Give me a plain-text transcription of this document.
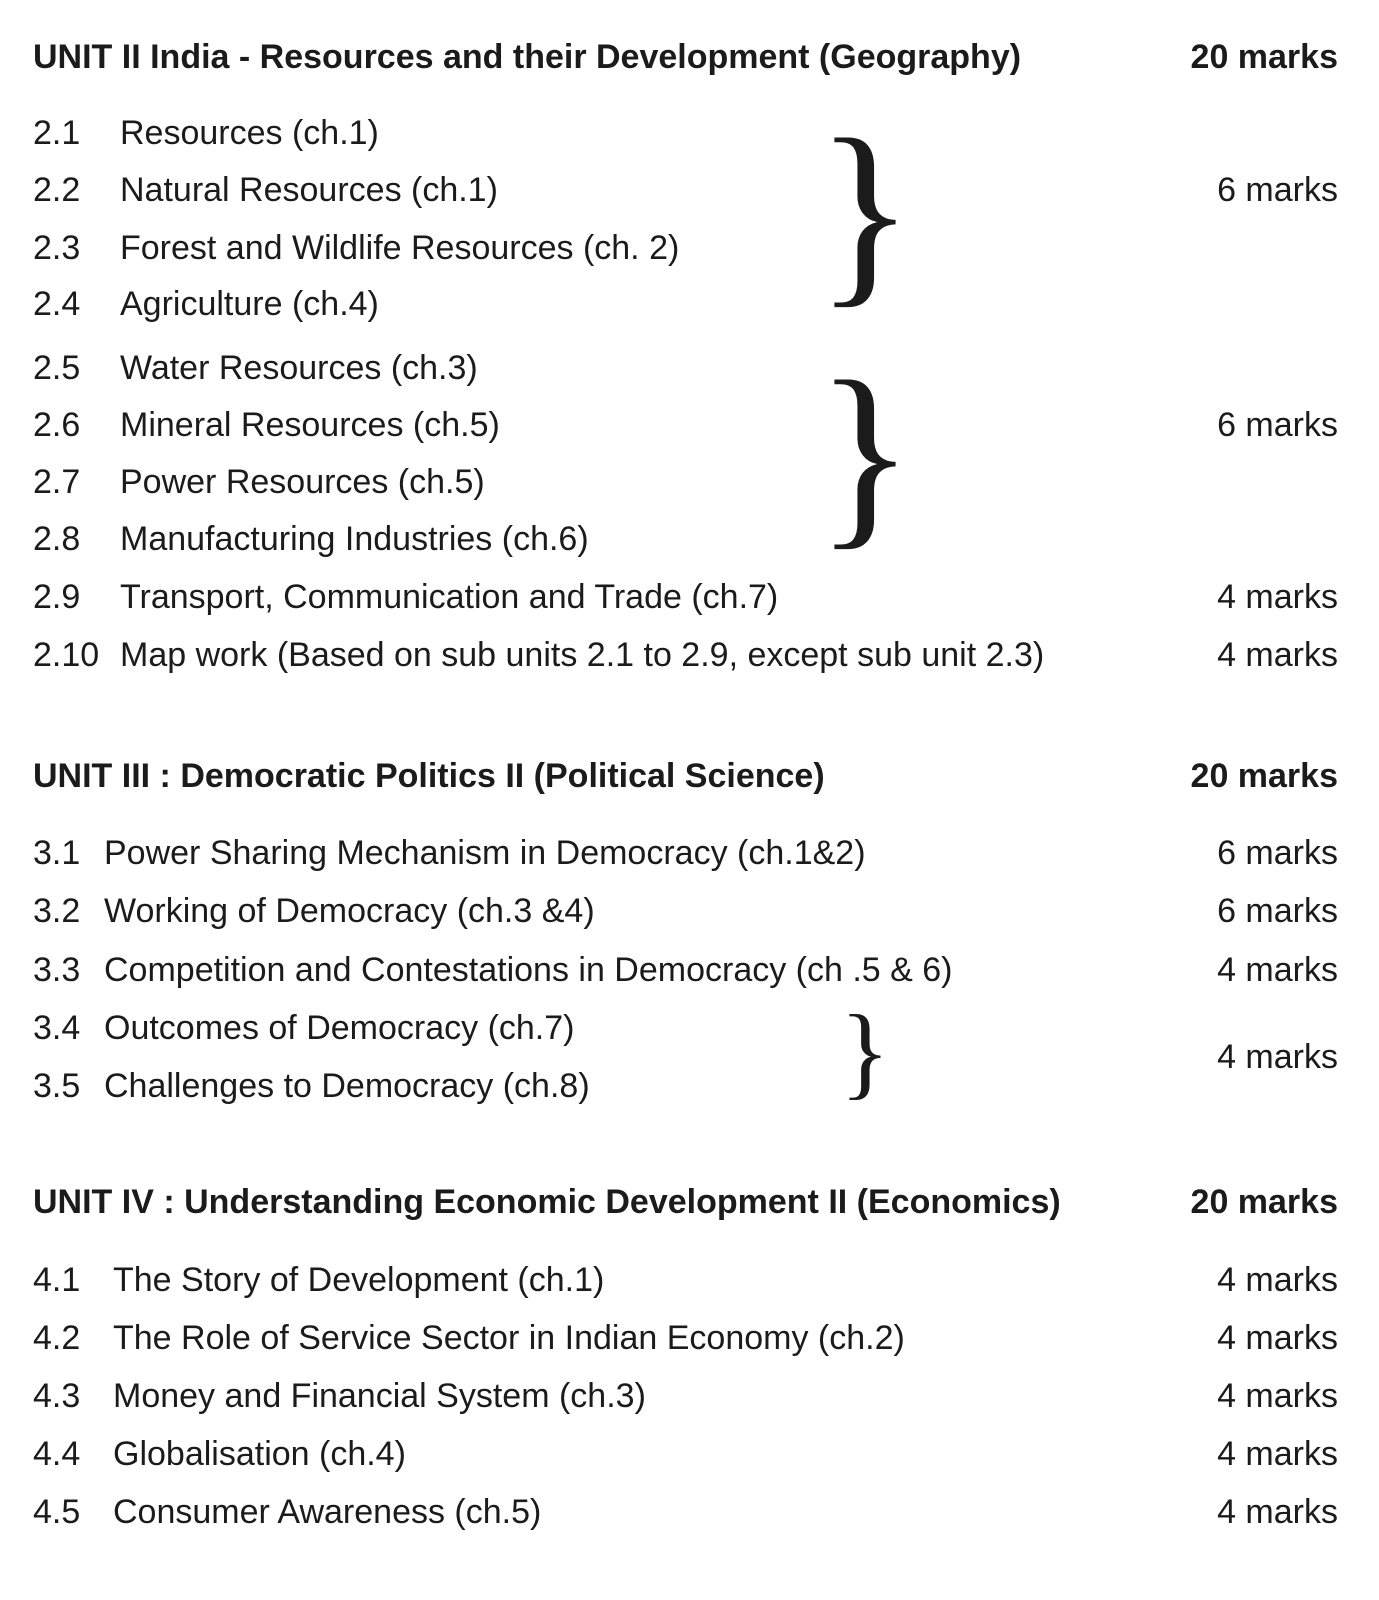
UNIT II India - Resources and their Development (Geography)	20 marks
2.1	Resources (ch.1)
2.2	Natural Resources (ch.1)	6 marks
2.3	Forest and Wildlife Resources (ch. 2)
2.4	Agriculture (ch.4)
2.5	Water Resources (ch.3)
2.6	Mineral Resources (ch.5)	6 marks
2.7	Power Resources (ch.5)
2.8	Manufacturing Industries (ch.6)
2.9	Transport, Communication and Trade (ch.7)	4 marks
2.10 Map work (Based on sub units 2.1 to 2.9, except sub unit 2.3)	4 marks
}
}
UNIT III : Democratic Politics II (Political Science)	20 marks
3.1 Power Sharing Mechanism in Democracy (ch.1&2)	6 marks
3.2 Working of Democracy (ch.3 &4)	6 marks
3.3 Competition and Contestations in Democracy (ch .5 & 6)	4 marks
3.4 Outcomes of Democracy (ch.7)
3.5 Challenges to Democracy (ch.8) }	4 marks
UNIT IV : Understanding Economic Development II (Economics)	20 marks
4.1 The Story of Development (ch.1)	4 marks
4.2 The Role of Service Sector in Indian Economy (ch.2)	4 marks
4.3 Money and Financial System (ch.3)	4 marks
4.4 Globalisation (ch.4)	4 marks
4.5 Consumer Awareness (ch.5)	4 marks
